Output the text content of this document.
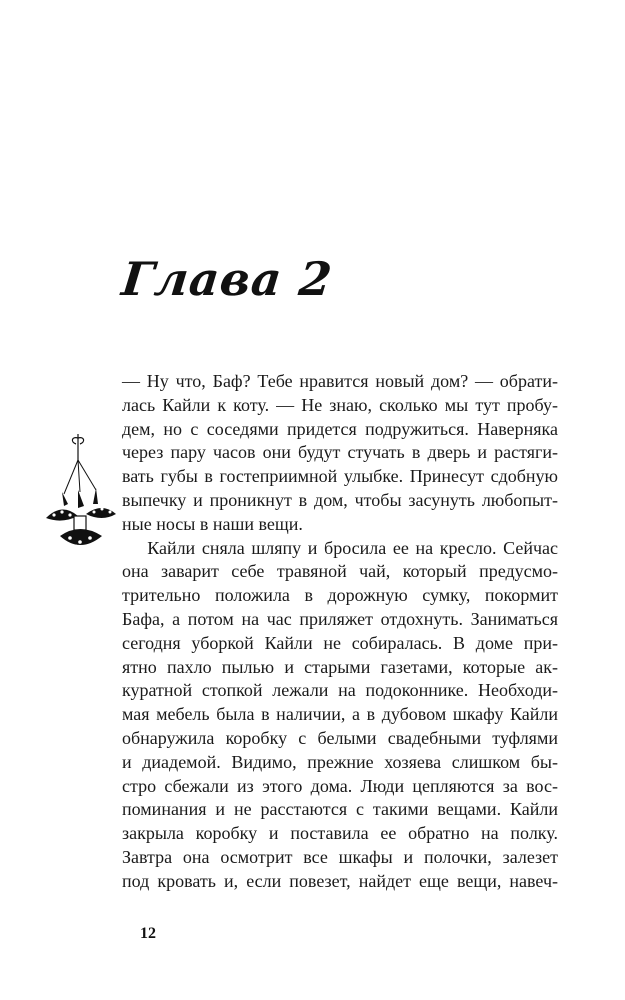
Глава 2
— Ну что, Баф? Тебе нравится новый дом? — обрати-
лась Кайли к коту. — Не знаю, сколько мы тут пробу-
дем, но с соседями придется подружиться. Наверняка
через пару часов они будут стучать в дверь и растяги-
вать губы в гостеприимной улыбке. Принесут сдобную
выпечку и проникнут в дом, чтобы засунуть любопыт-
ные носы в наши вещи.
Кайли сняла шляпу и бросила ее на кресло. Сейчас
она заварит себе травяной чай, который предусмо-
трительно положила в дорожную сумку, покормит
Бафа, а потом на час приляжет отдохнуть. Заниматься
сегодня уборкой Кайли не собиралась. В доме при-
ятно пахло пылью и старыми газетами, которые ак-
куратной стопкой лежали на подоконнике. Необходи-
мая мебель была в наличии, а в дубовом шкафу Кайли
обнаружила коробку с белыми свадебными туфлями
и диадемой. Видимо, прежние хозяева слишком бы-
стро сбежали из этого дома. Люди цепляются за вос-
поминания и не расстаются с такими вещами. Кайли
закрыла коробку и поставила ее обратно на полку.
Завтра она осмотрит все шкафы и полочки, залезет
под кровать и, если повезет, найдет еще вещи, навеч-
12
